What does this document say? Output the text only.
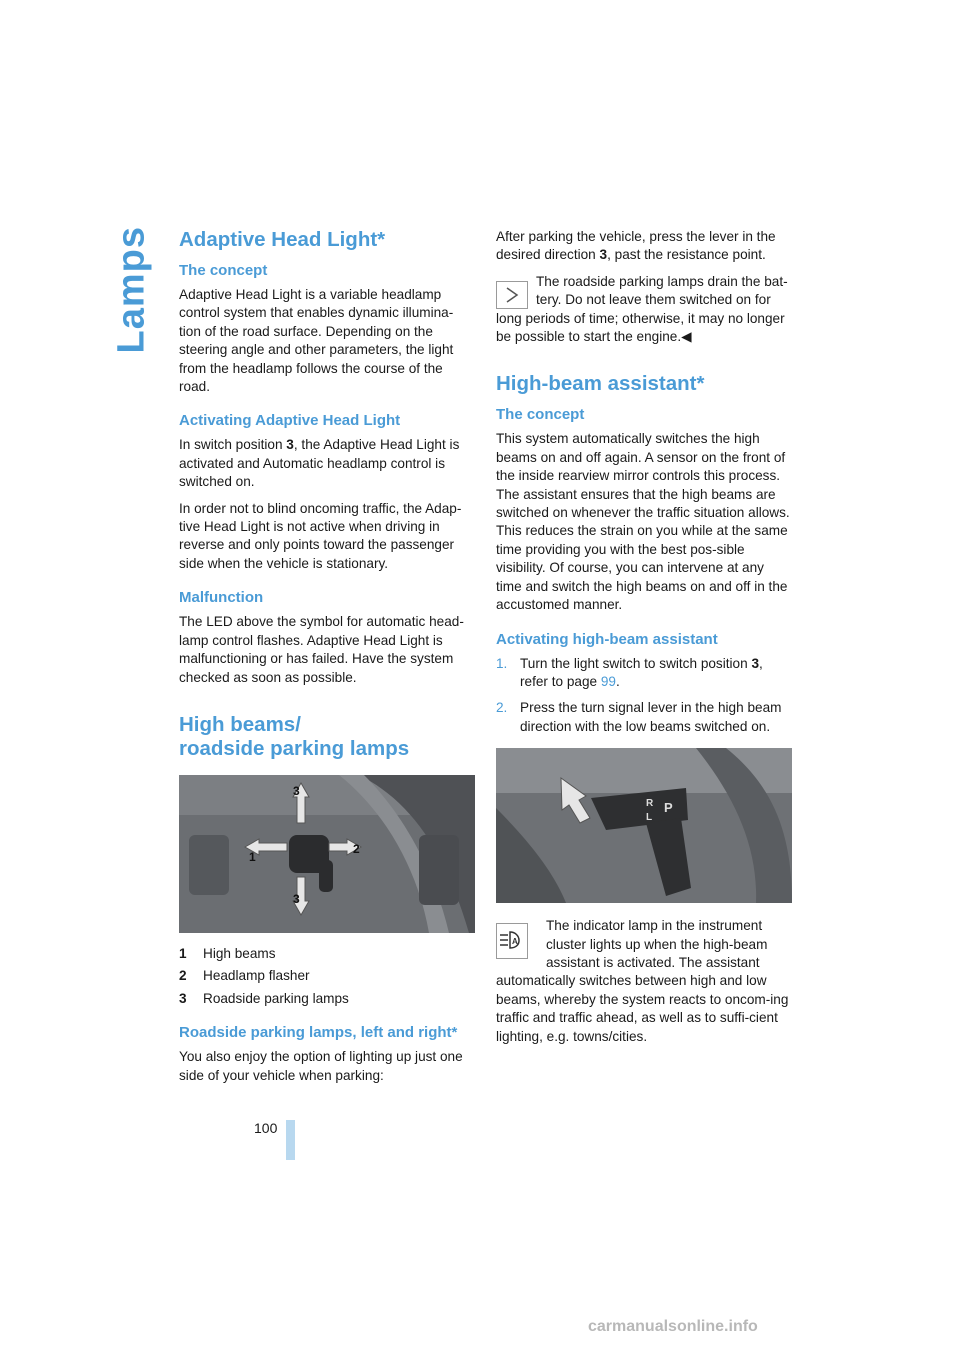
Lamps Adaptive Head Light*
The concept

Adaptive Head Light is a variable headlamp control system that enables dynamic illumina-tion of the road surface. Depending on the steering angle and other parameters, the light from the headlamp follows the course of the road.

Activating Adaptive Head Light

In switch position 3, the Adaptive Head Light is activated and Automatic headlamp control is switched on.

In order not to blind oncoming traffic, the Adap-tive Head Light is not active when driving in reverse and only points toward the passenger side when the vehicle is stationary.

Malfunction

The LED above the symbol for automatic head-lamp control flashes. Adaptive Head Light is malfunctioning or has failed. Have the system checked as soon as possible.

High beams/
roadside parking lamps
3
2
1
3
1 High beams
2 Headlamp flasher
3 Roadside parking lamps
Roadside parking lamps, left and right*

You also enjoy the option of lighting up just one side of your vehicle when parking:

After parking the vehicle, press the lever in the desired direction 3, past the resistance point.

The roadside parking lamps drain the bat-tery. Do not leave them switched on for

long periods of time; otherwise, it may no longer be possible to start the engine.◀

High-beam assistant*
The concept

This system automatically switches the high beams on and off again. A sensor on the front of the inside rearview mirror controls this process. The assistant ensures that the high beams are switched on whenever the traffic situation allows. This reduces the strain on you while at the same time providing you with the best pos-sible visibility. Of course, you can intervene at any time and switch the high beams on and off in the accustomed manner.

Activating high-beam assistant
1. Turn the light switch to switch position 3,
refer to page 99.
2. Press the turn signal lever in the high beam direction with the low beams switched on.
R
L
P
A

The indicator lamp in the instrument cluster lights up when the high-beam assistant is activated. The assistant

automatically switches between high and low beams, whereby the system reacts to oncom-ing traffic and traffic ahead, as well as to suffi-cient lighting, e.g. towns/cities.

100
carmanualsonline.info
